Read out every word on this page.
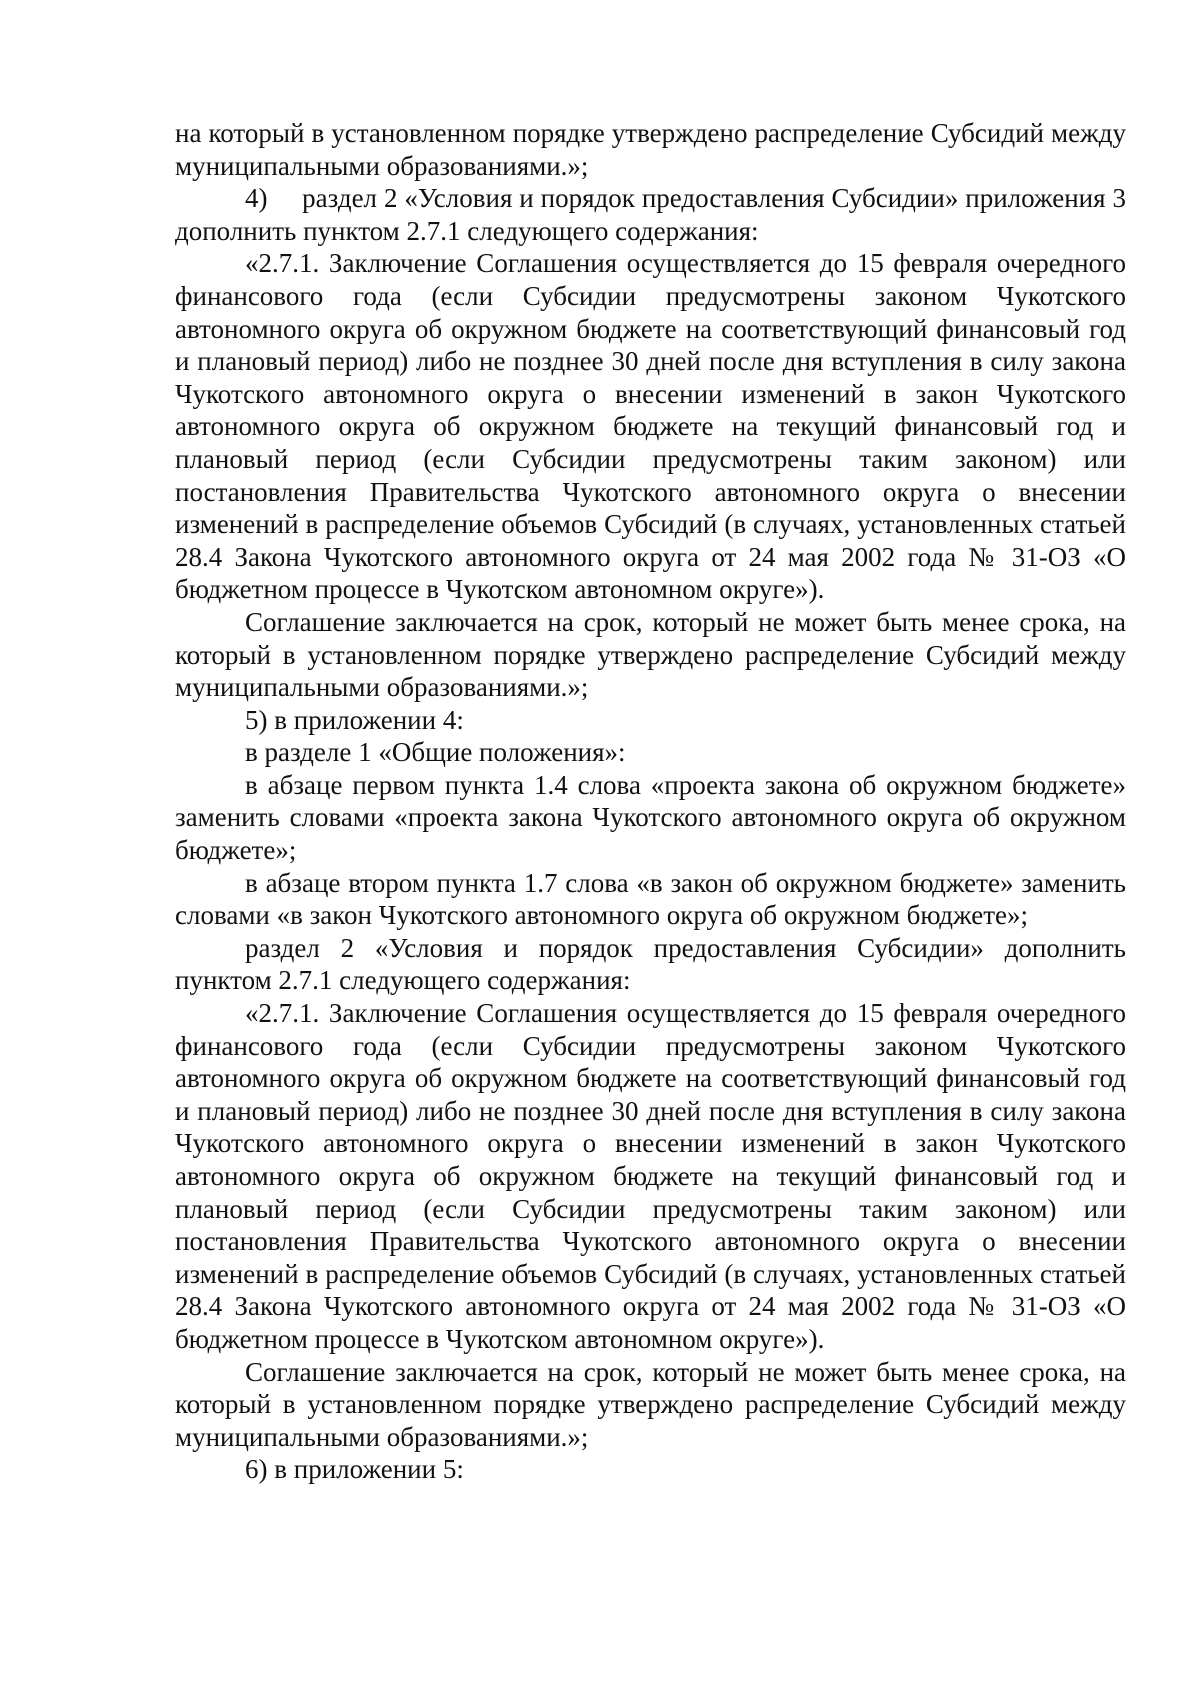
на который в установленном порядке утверждено распределение Субсидий между муниципальными образованиями.»;

4)     раздел 2 «Условия и порядок предоставления Субсидии» приложения 3 дополнить пунктом 2.7.1 следующего содержания:

«2.7.1. Заключение Соглашения осуществляется до 15 февраля очередного финансового года (если Субсидии предусмотрены законом Чукотского автономного округа об окружном бюджете на соответствующий финансовый год и плановый период) либо не позднее 30 дней после дня вступления в силу закона Чукотского автономного округа о внесении изменений в закон Чукотского автономного округа об окружном бюджете на текущий финансовый год и плановый период (если Субсидии предусмотрены таким законом) или постановления Правительства Чукотского автономного округа о внесении изменений в распределение объемов Субсидий (в случаях, установленных статьей 28.4 Закона Чукотского автономного округа от 24 мая 2002 года № 31-ОЗ «О бюджетном процессе в Чукотском автономном округе»).

Соглашение заключается на срок, который не может быть менее срока, на который в установленном порядке утверждено распределение Субсидий между муниципальными образованиями.»;

5) в приложении 4:

в разделе 1 «Общие положения»:

в абзаце первом пункта 1.4 слова «проекта закона об окружном бюджете» заменить словами «проекта закона Чукотского автономного округа об окружном бюджете»;

в абзаце втором пункта 1.7 слова «в закон об окружном бюджете» заменить словами «в закон Чукотского автономного округа об окружном бюджете»;

раздел 2 «Условия и порядок предоставления Субсидии» дополнить пунктом 2.7.1 следующего содержания:

«2.7.1. Заключение Соглашения осуществляется до 15 февраля очередного финансового года (если Субсидии предусмотрены законом Чукотского автономного округа об окружном бюджете на соответствующий финансовый год и плановый период) либо не позднее 30 дней после дня вступления в силу закона Чукотского автономного округа о внесении изменений в закон Чукотского автономного округа об окружном бюджете на текущий финансовый год и плановый период (если Субсидии предусмотрены таким законом) или постановления Правительства Чукотского автономного округа о внесении изменений в распределение объемов Субсидий (в случаях, установленных статьей 28.4 Закона Чукотского автономного округа от 24 мая 2002 года № 31-ОЗ «О бюджетном процессе в Чукотском автономном округе»).

Соглашение заключается на срок, который не может быть менее срока, на который в установленном порядке утверждено распределение Субсидий между муниципальными образованиями.»;

6) в приложении 5:
